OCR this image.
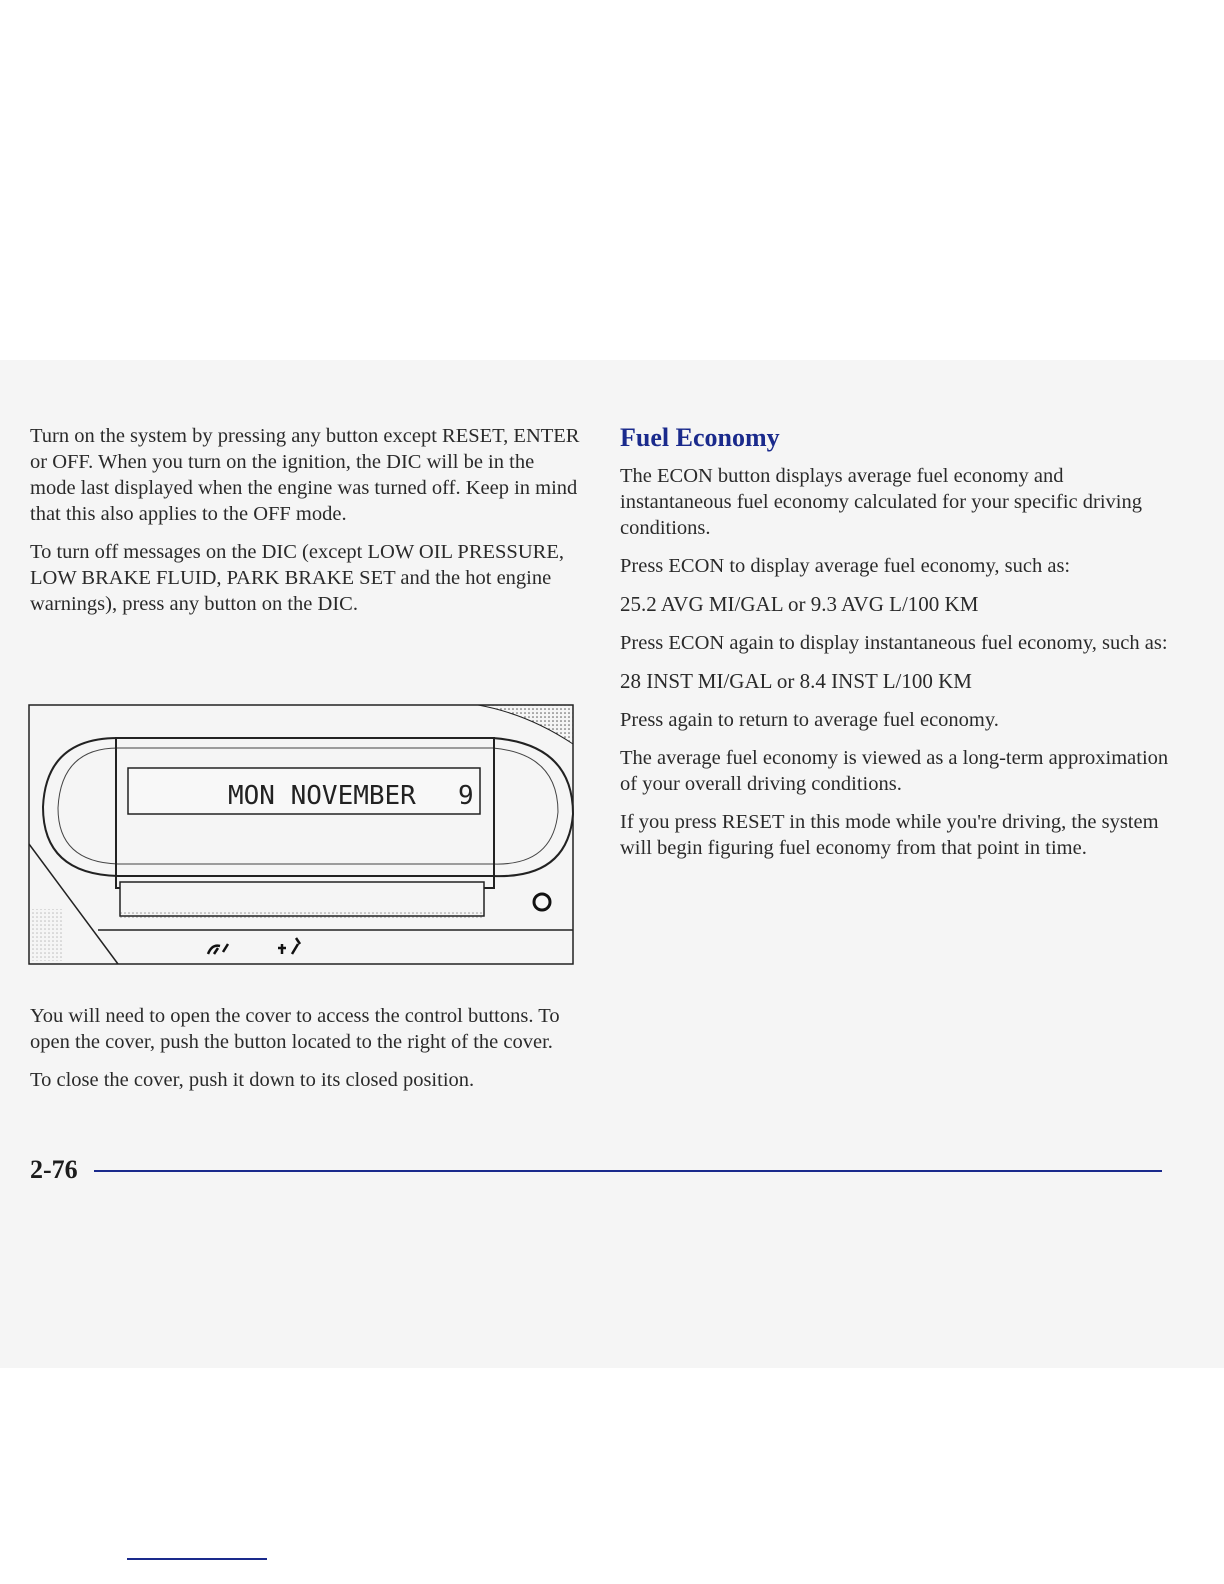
Turn on the system by pressing any button except RESET, ENTER or OFF. When you turn on the ignition, the DIC will be in the mode last displayed when the engine was turned off. Keep in mind that this also applies to the OFF mode.

To turn off messages on the DIC (except LOW OIL PRESSURE, LOW BRAKE FLUID, PARK BRAKE SET and the hot engine warnings), press any button on the DIC.

MON NOVEMBER 9

You will need to open the cover to access the control buttons. To open the cover, push the button located to the right of the cover.

To close the cover, push it down to its closed position.

Fuel Economy

The ECON button displays average fuel economy and instantaneous fuel economy calculated for your specific driving conditions.

Press ECON to display average fuel economy, such as:

25.2 AVG MI/GAL or 9.3 AVG L/100 KM

Press ECON again to display instantaneous fuel economy, such as:

28 INST MI/GAL or 8.4 INST L/100 KM

Press again to return to average fuel economy.

The average fuel economy is viewed as a long-term approximation of your overall driving conditions.

If you press RESET in this mode while you're driving, the system will begin figuring fuel economy from that point in time.

2-76
